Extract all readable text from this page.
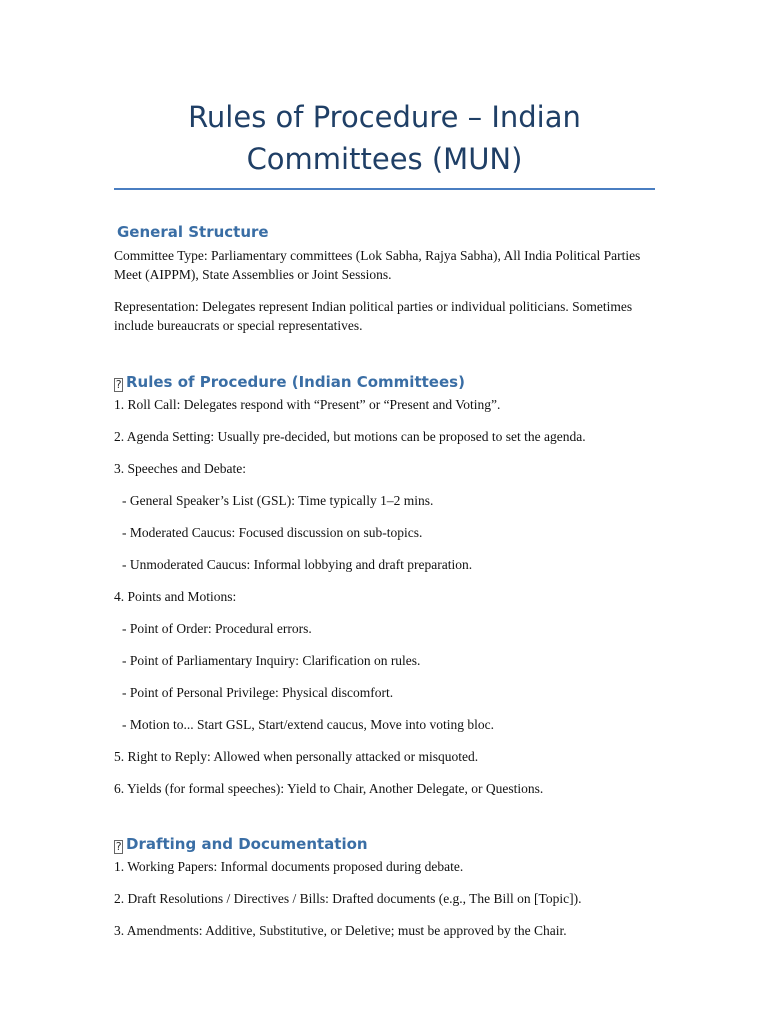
Rules of Procedure – Indian
Committees (MUN)
General Structure

Committee Type: Parliamentary committees (Lok Sabha, Rajya Sabha), All India Political Parties Meet (AIPPM), State Assemblies or Joint Sessions.

Representation: Delegates represent Indian political parties or individual politicians. Sometimes include bureaucrats or special representatives.

? Rules of Procedure (Indian Committees)

1. Roll Call: Delegates respond with “Present” or “Present and Voting”.

2. Agenda Setting: Usually pre-decided, but motions can be proposed to set the agenda.

3. Speeches and Debate:

- General Speaker’s List (GSL): Time typically 1–2 mins.

- Moderated Caucus: Focused discussion on sub-topics.

- Unmoderated Caucus: Informal lobbying and draft preparation.

4. Points and Motions:

- Point of Order: Procedural errors.

- Point of Parliamentary Inquiry: Clarification on rules.

- Point of Personal Privilege: Physical discomfort.

- Motion to... Start GSL, Start/extend caucus, Move into voting bloc.

5. Right to Reply: Allowed when personally attacked or misquoted.

6. Yields (for formal speeches): Yield to Chair, Another Delegate, or Questions.

? Drafting and Documentation

1. Working Papers: Informal documents proposed during debate.

2. Draft Resolutions / Directives / Bills: Drafted documents (e.g., The Bill on [Topic]).

3. Amendments: Additive, Substitutive, or Deletive; must be approved by the Chair.
